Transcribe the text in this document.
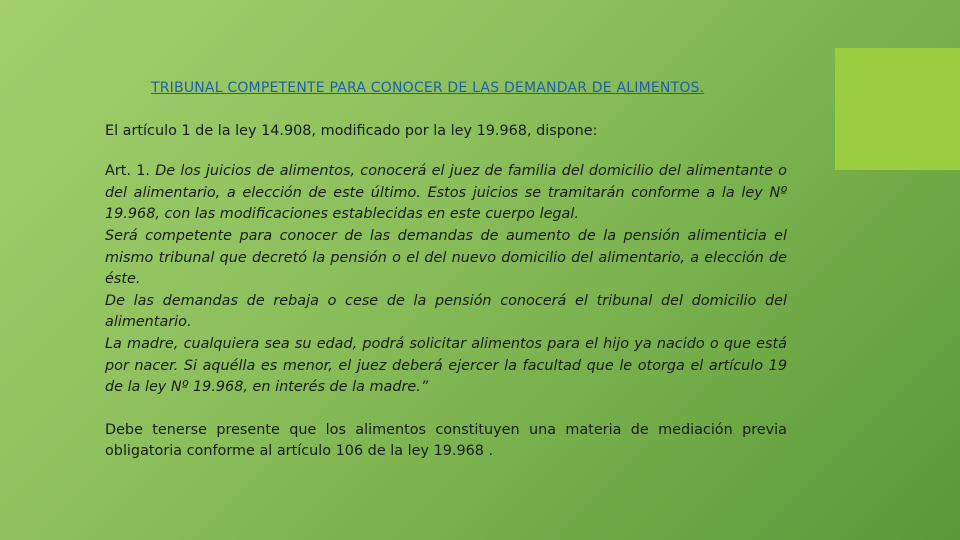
TRIBUNAL COMPETENTE PARA CONOCER DE LAS DEMANDAR DE ALIMENTOS.

El artículo 1 de la ley 14.908, modificado por la ley 19.968, dispone:

Art. 1. De los juicios de alimentos, conocerá el juez de familia del domicilio del alimentante o del alimentario, a elección de este último. Estos juicios se tramitarán conforme a la ley Nº 19.968, con las modificaciones establecidas en este cuerpo legal.

Será competente para conocer de las demandas de aumento de la pensión alimenticia el mismo tribunal que decretó la pensión o el del nuevo domicilio del alimentario, a elección de éste.

De las demandas de rebaja o cese de la pensión conocerá el tribunal del domicilio del alimentario.

La madre, cualquiera sea su edad, podrá solicitar alimentos para el hijo ya nacido o que está por nacer. Si aquélla es menor, el juez deberá ejercer la facultad que le otorga el artículo 19 de la ley Nº 19.968, en interés de la madre.”

Debe tenerse presente que los alimentos constituyen una materia de mediación previa obligatoria conforme al artículo 106 de la ley 19.968 .
